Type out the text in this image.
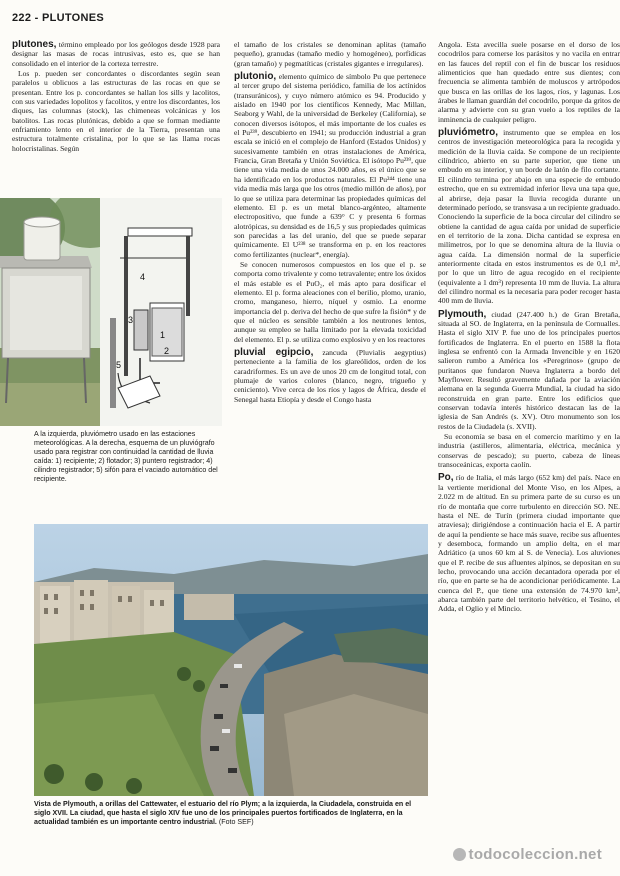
222 - PLUTONES

plutones, término empleado por los geólogos desde 1928 para designar las masas de rocas intrusivas, esto es, que se han consolidado en el interior de la corteza terrestre.

Los p. pueden ser concordantes o discordantes según sean paralelos u oblicuos a las estructuras de las rocas en que se presentan. Entre los p. concordantes se hallan los sills y lacolitos, con sus variedades lopolitos y facolitos, y entre los discordantes, los diques, las columnas (stock), las chimeneas volcánicas y los batolitos. Las rocas plutónicas, debido a que se forman mediante enfriamiento lento en el interior de la Tierra, presentan una estructura totalmente cristalina, por lo que se las llama rocas holocristalinas. Según

4
1
2
3
5
A la izquierda, pluviómetro usado en las estaciones meteorológicas. A la derecha, esquema de un pluviógrafo usado para registrar con continuidad la cantidad de lluvia caída: 1) recipiente; 2) flotador; 3) puntero registrador; 4) cilindro registrador; 5) sifón para el vaciado automático del recipiente.

el tamaño de los cristales se denominan aplitas (tamaño pequeño), granudas (tamaño medio y homogéneo), porfídicas (gran tamaño) y pegmatíticas (cristales gigantes e irregulares).

plutonio, elemento químico de símbolo Pu que pertenece al tercer grupo del sistema periódico, familia de los actínidos (transuránicos), y cuyo número atómico es 94. Producido y aislado en 1940 por los científicos Kennedy, Mac Millan, Seaborg y Wahl, de la universidad de Berkeley (California), se conocen diversos isótopos, el más importante de los cuales es el Pu²³⁹, descubierto en 1941; su producción industrial a gran escala se inició en el complejo de Hanford (Estados Unidos) y sucesivamente también en otras instalaciones de América, Francia, Gran Bretaña y Unión Soviética. El isótopo Pu²³⁹, que tiene una vida media de unos 24.000 años, es el único que se ha identificado en los productos naturales. El Pu²⁴⁴ tiene una vida media más larga que los otros (medio millón de años), por lo que se utiliza para determinar las propiedades químicas del elemento. El p. es un metal blanco-argénteo, altamente electropositivo, que funde a 639° C y presenta 6 formas alotrópicas, su densidad es de 16,5 y sus propiedades químicas son parecidas a las del uranio, del que se puede separar químicamente. El U²³⁸ se transforma en p. en los reactores como fertilizantes (nuclear*, energía).

Se conocen numerosos compuestos en los que el p. se comporta como trivalente y como tetravalente; entre los óxidos el más estable es el PuO₂, el más apto para dosificar el elemento. El p. forma aleaciones con el berilio, plomo, uranio, cromo, manganeso, hierro, níquel y osmio. La enorme importancia del p. deriva del hecho de que sufre la fisión* y de que el núcleo es sensible también a los neutrones lentos, aunque su empleo se halla limitado por la elevada toxicidad del elemento. El p. se utiliza como explosivo y en los reactores

pluvial egipcio, zancuda (Pluvialis aegyptius) perteneciente a la familia de los glareólidos, orden de los caradriformes. Es un ave de unos 20 cm de longitud total, con plumaje de varios colores (blanco, negro, trigueño y ceniciento). Vive cerca de los ríos y lagos de África, desde el Senegal hasta Etiopía y desde el Congo hasta

Angola. Esta avecilla suele posarse en el dorso de los cocodrilos para comerse los parásitos y no vacila en entrar en las fauces del reptil con el fin de buscar los residuos alimenticios que han quedado entre sus dientes; con frecuencia se alimenta también de moluscos y artrópodos que busca en las orillas de los lagos, ríos, y lagunas. Los árabes le llaman guardián del cocodrilo, porque da gritos de alarma y advierte con su gran vuelo a los reptiles de la inminencia de cualquier peligro.

pluviómetro, instrumento que se emplea en los centros de investigación meteorológica para la recogida y medición de la lluvia caída. Se compone de un recipiente cilíndrico, abierto en su parte superior, que tiene un embudo en su interior, y un borde de latón de filo cortante. El cilindro termina por abajo en una especie de embudo estrecho, que en su extremidad inferior lleva una tapa que, al abrirse, deja pasar la lluvia recogida durante un determinado período, se transvasa a un recipiente graduado. Conociendo la superficie de la boca circular del cilindro se obtiene la cantidad de agua caída por unidad de superficie en el territorio de la zona. Dicha cantidad se expresa en milímetros, por lo que se denomina altura de la lluvia o agua caída. La dimensión normal de la superficie anteriormente citada en estos instrumentos es de 0,1 m², por lo que un litro de agua recogido en el recipiente (equivalente a 1 dm³) representa 10 mm de lluvia. La altura del cilindro normal es la necesaria para poder recoger hasta 400 mm de lluvia.

Plymouth, ciudad (247.400 h.) de Gran Bretaña, situada al SO. de Inglaterra, en la península de Cornualles. Hasta el siglo XIV P. fue uno de los principales puertos fortificados de Inglaterra. En el puerto en 1588 la flota inglesa se enfrentó con la Armada Invencible y en 1620 salieron rumbo a América los «Peregrinos» (grupo de puritanos que fundaron Nueva Inglaterra a bordo del Mayflower. Resultó gravemente dañada por la aviación alemana en la segunda Guerra Mundial, la ciudad ha sido reconstruida en gran parte. Entre los edificios que conservan todavía interés histórico destacan las de la iglesia de San Andrés (s. XV). Otro monumento son los restos de la Ciudadela (s. XVII).

Su economía se basa en el comercio marítimo y en la industria (astilleros, alimentaria, eléctrica, mecánica y conservas de pescado); su puerto, cabeza de líneas transoceánicas, exporta caolín.

Po, río de Italia, el más largo (652 km) del país. Nace en la vertiente meridional del Monte Viso, en los Alpes, a 2.022 m de altitud. En su primera parte de su curso es un río de montaña que corre turbulento en dirección SO. NE. hasta el NE. de Turín (primera ciudad importante que atraviesa); dirigiéndose a continuación hacia el E. A partir de aquí la pendiente se hace más suave, recibe sus afluentes y desemboca, formando un amplio delta, en el mar Adriático (a unos 60 km al S. de Venecia). Los aluviones que el P. recibe de sus afluentes alpinos, se depositan en su lecho, provocando una acción decantadora operada por el río, que en parte se ha de acondicionar periódicamente. La cuenca del P., que tiene una extensión de 74.970 km², abarca también parte del territorio helvético, el Tesino, el Adda, el Oglio y el Mincio.

Vista de Plymouth, a orillas del Cattewater, el estuario del río Plym; a la izquierda, la Ciudadela, construida en el siglo XVII. La ciudad, que hasta el siglo XIV fue uno de los principales puertos fortificados de Inglaterra, en la actualidad también es un importante centro industrial. (Foto SEF)
todocoleccion.net
